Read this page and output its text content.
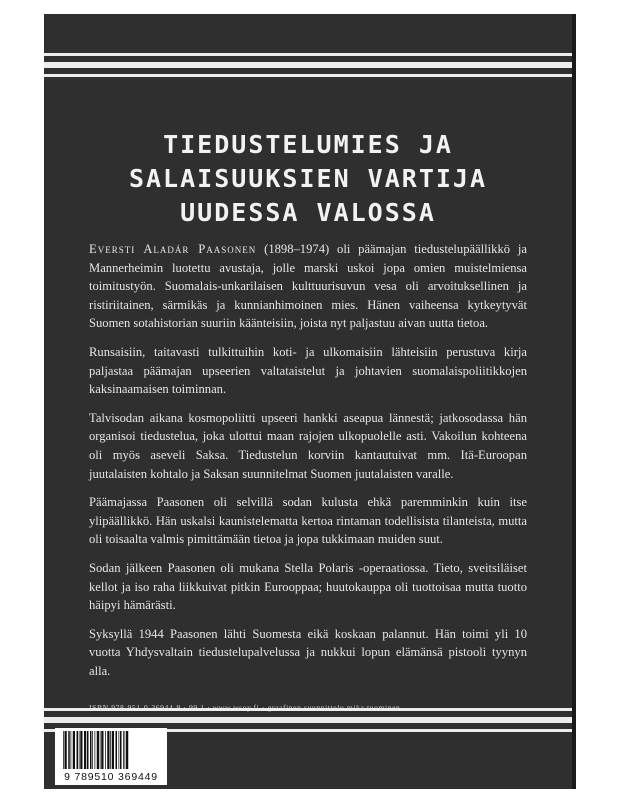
TIEDUSTELUMIES JA
SALAISUUKSIEN VARTIJA
UUDESSA VALOSSA

Eversti Aladár Paasonen (1898–1974) oli päämajan tiedustelupäällikkö ja Mannerheimin luotettu avustaja, jolle marski uskoi jopa omien muistelmiensa toimitustyön. Suomalais-unkarilaisen kulttuurisuvun vesa oli arvoituksellinen ja ristiriitainen, särmikäs ja kunnianhimoinen mies. Hänen vaiheensa kytkeytyvät Suomen sotahistorian suuriin käänteisiin, joista nyt paljastuu aivan uutta tietoa.

Runsaisiin, taitavasti tulkittuihin koti- ja ulkomaisiin lähteisiin perustuva kirja paljastaa päämajan upseerien valtataistelut ja johtavien suomalaispoliitikkojen kaksinaamaisen toiminnan.

Talvisodan aikana kosmopoliitti upseeri hankki aseapua lännestä; jatkosodassa hän organisoi tiedustelua, joka ulottui maan rajojen ulkopuolelle asti. Vakoilun kohteena oli myös aseveli Saksa. Tiedustelun korviin kantautuivat mm. Itä-Euroopan juutalaisten kohtalo ja Saksan suunnitelmat Suomen juutalaisten varalle.

Päämajassa Paasonen oli selvillä sodan kulusta ehkä paremminkin kuin itse ylipäällikkö. Hän uskalsi kaunistelematta kertoa rintaman todellisista tilanteista, mutta oli toisaalta valmis pimittämään tietoa ja jopa tukkimaan muiden suut.

Sodan jälkeen Paasonen oli mukana Stella Polaris -operaatiossa. Tieto, sveitsiläiset kellot ja iso raha liikkuivat pitkin Eurooppaa; huutokauppa oli tuottoisaa mutta tuotto häipyi hämärästi.

Syksyllä 1944 Paasonen lähti Suomesta eikä koskaan palannut. Hän toimi yli 10 vuotta Yhdysvaltain tiedustelupalvelussa ja nukkui lopun elämänsä pistooli tyynyn alla.

9 789510 369449
